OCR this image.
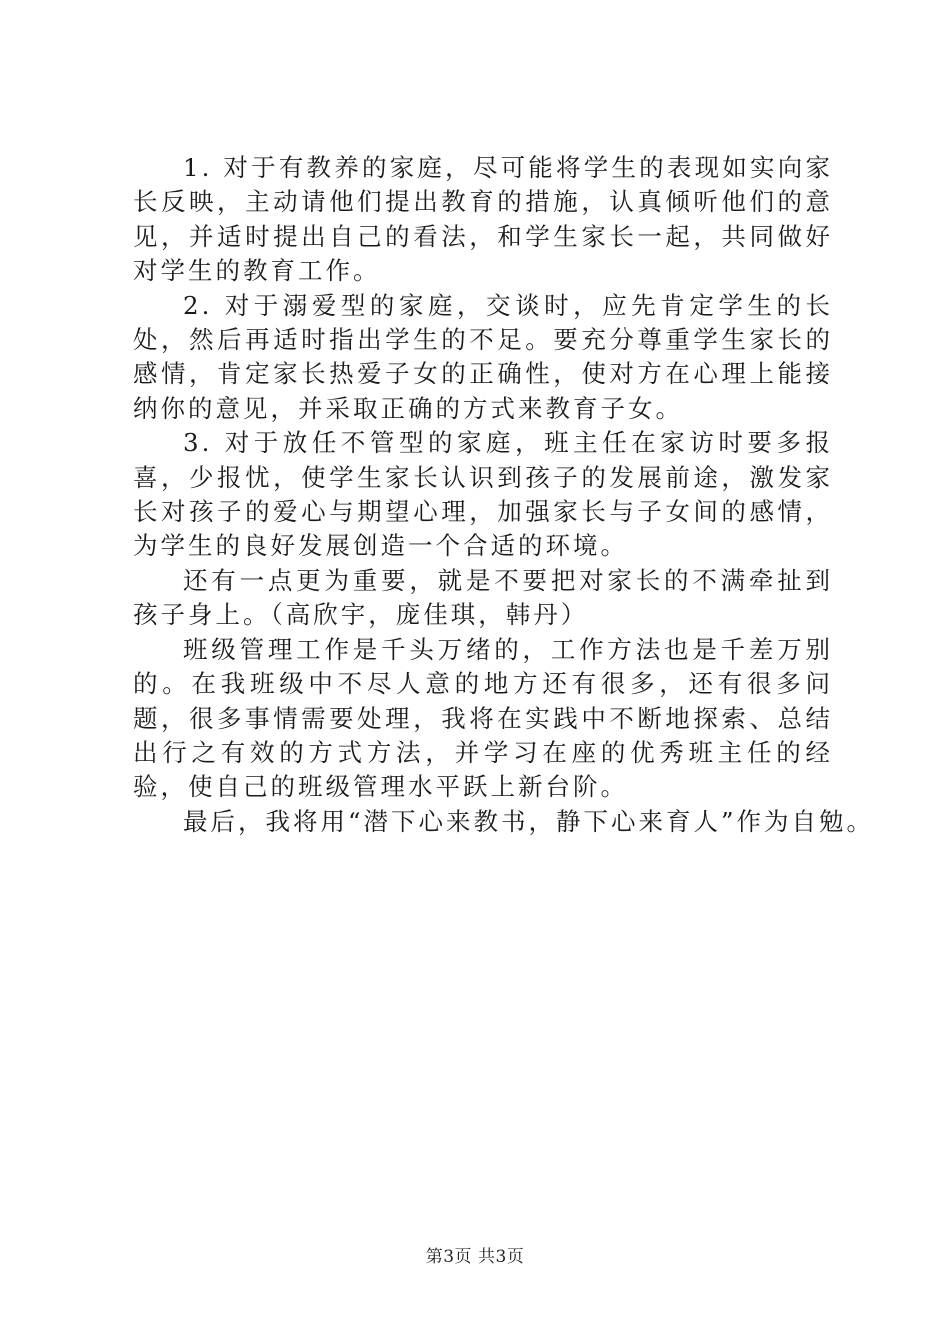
1. 对于有教养的家庭，尽可能将学生的表现如实向家长反映，主动请他们提出教育的措施，认真倾听他们的意见，并适时提出自己的看法，和学生家长一起，共同做好对学生的教育工作。

2. 对于溺爱型的家庭，交谈时，应先肯定学生的长处，然后再适时指出学生的不足。要充分尊重学生家长的感情，肯定家长热爱子女的正确性，使对方在心理上能接纳你的意见，并采取正确的方式来教育子女。

3. 对于放任不管型的家庭，班主任在家访时要多报喜，少报忧，使学生家长认识到孩子的发展前途，激发家长对孩子的爱心与期望心理，加强家长与子女间的感情，为学生的良好发展创造一个合适的环境。

还有一点更为重要，就是不要把对家长的不满牵扯到孩子身上。（高欣宇，庞佳琪，韩丹）

班级管理工作是千头万绪的，工作方法也是千差万别的。在我班级中不尽人意的地方还有很多，还有很多问题，很多事情需要处理，我将在实践中不断地探索、总结出行之有效的方式方法，并学习在座的优秀班主任的经验，使自己的班级管理水平跃上新台阶。

最后，我将用“潜下心来教书，静下心来育人”作为自勉。

第3页 共3页
